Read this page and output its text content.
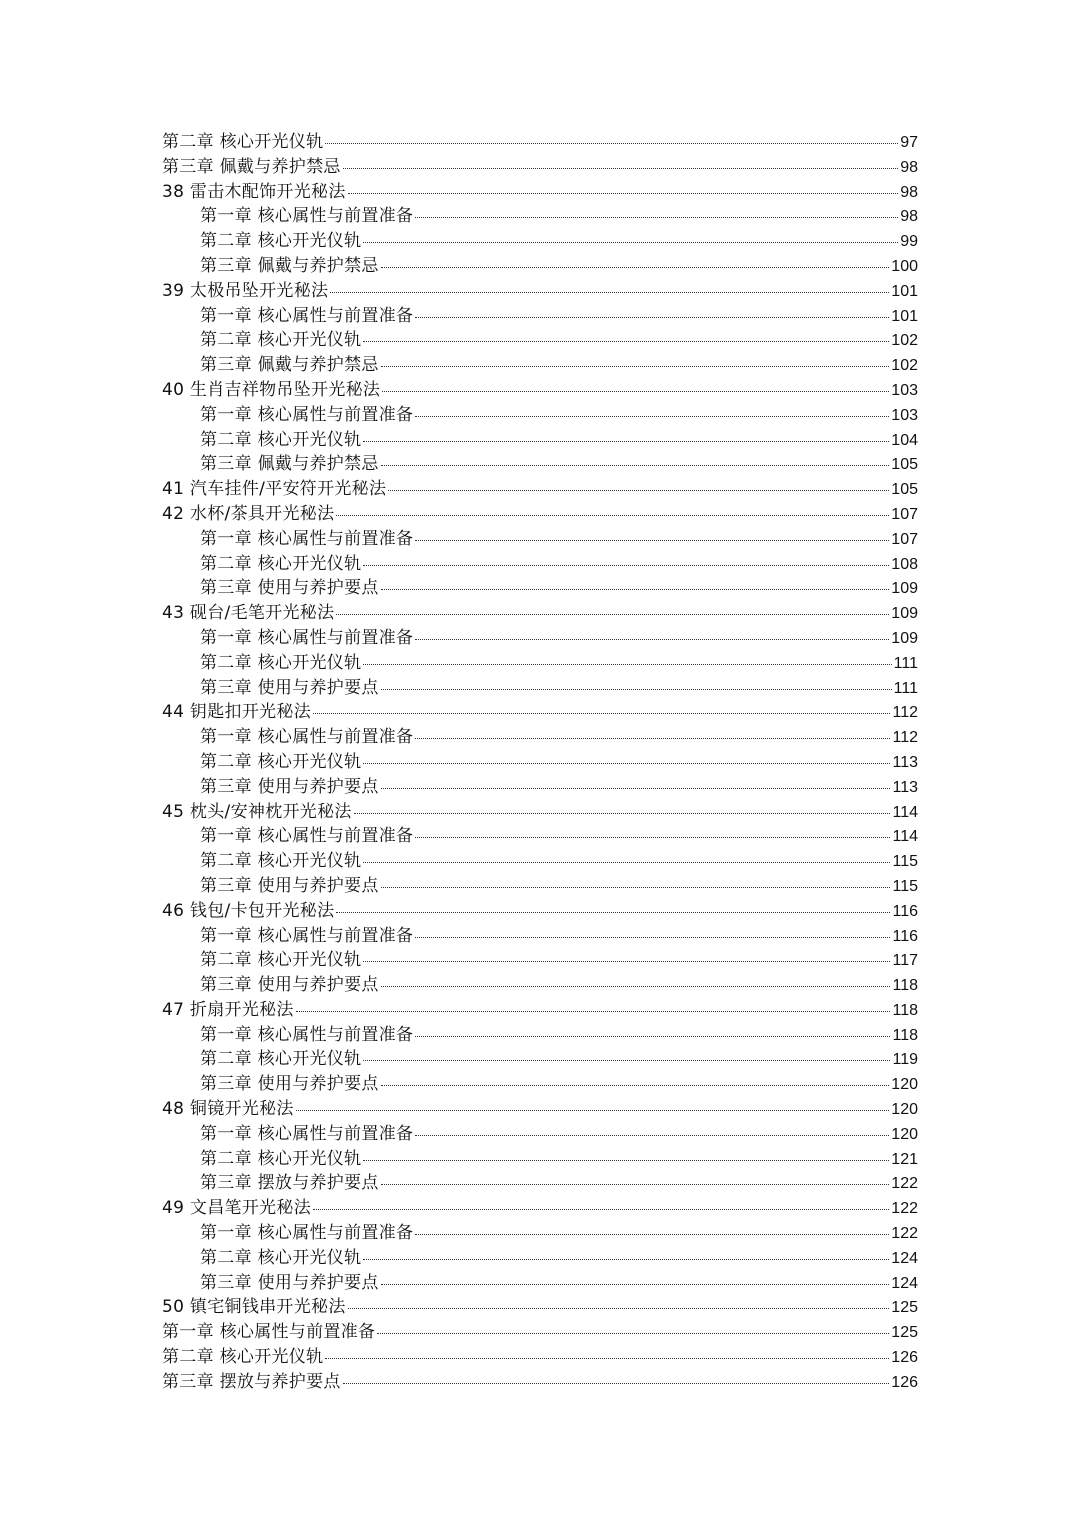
第二章 核心开光仪轨	97
第三章 佩戴与养护禁忌	98
38 雷击木配饰开光秘法	98
第一章 核心属性与前置准备	98
第二章 核心开光仪轨	99
第三章 佩戴与养护禁忌	100
39 太极吊坠开光秘法	101
第一章 核心属性与前置准备	101
第二章 核心开光仪轨	102
第三章 佩戴与养护禁忌	102
40 生肖吉祥物吊坠开光秘法	103
第一章 核心属性与前置准备	103
第二章 核心开光仪轨	104
第三章 佩戴与养护禁忌	105
41 汽车挂件/平安符开光秘法	105
42 水杯/茶具开光秘法	107
第一章 核心属性与前置准备	107
第二章 核心开光仪轨	108
第三章 使用与养护要点	109
43 砚台/毛笔开光秘法	109
第一章 核心属性与前置准备	109
第二章 核心开光仪轨	111
第三章 使用与养护要点	111
44 钥匙扣开光秘法	112
第一章 核心属性与前置准备	112
第二章 核心开光仪轨	113
第三章 使用与养护要点	113
45 枕头/安神枕开光秘法	114
第一章 核心属性与前置准备	114
第二章 核心开光仪轨	115
第三章 使用与养护要点	115
46 钱包/卡包开光秘法	116
第一章 核心属性与前置准备	116
第二章 核心开光仪轨	117
第三章 使用与养护要点	118
47 折扇开光秘法	118
第一章 核心属性与前置准备	118
第二章 核心开光仪轨	119
第三章 使用与养护要点	120
48 铜镜开光秘法	120
第一章 核心属性与前置准备	120
第二章 核心开光仪轨	121
第三章 摆放与养护要点	122
49 文昌笔开光秘法	122
第一章 核心属性与前置准备	122
第二章 核心开光仪轨	124
第三章 使用与养护要点	124
50 镇宅铜钱串开光秘法	125
第一章 核心属性与前置准备	125
第二章 核心开光仪轨	126
第三章 摆放与养护要点	126
